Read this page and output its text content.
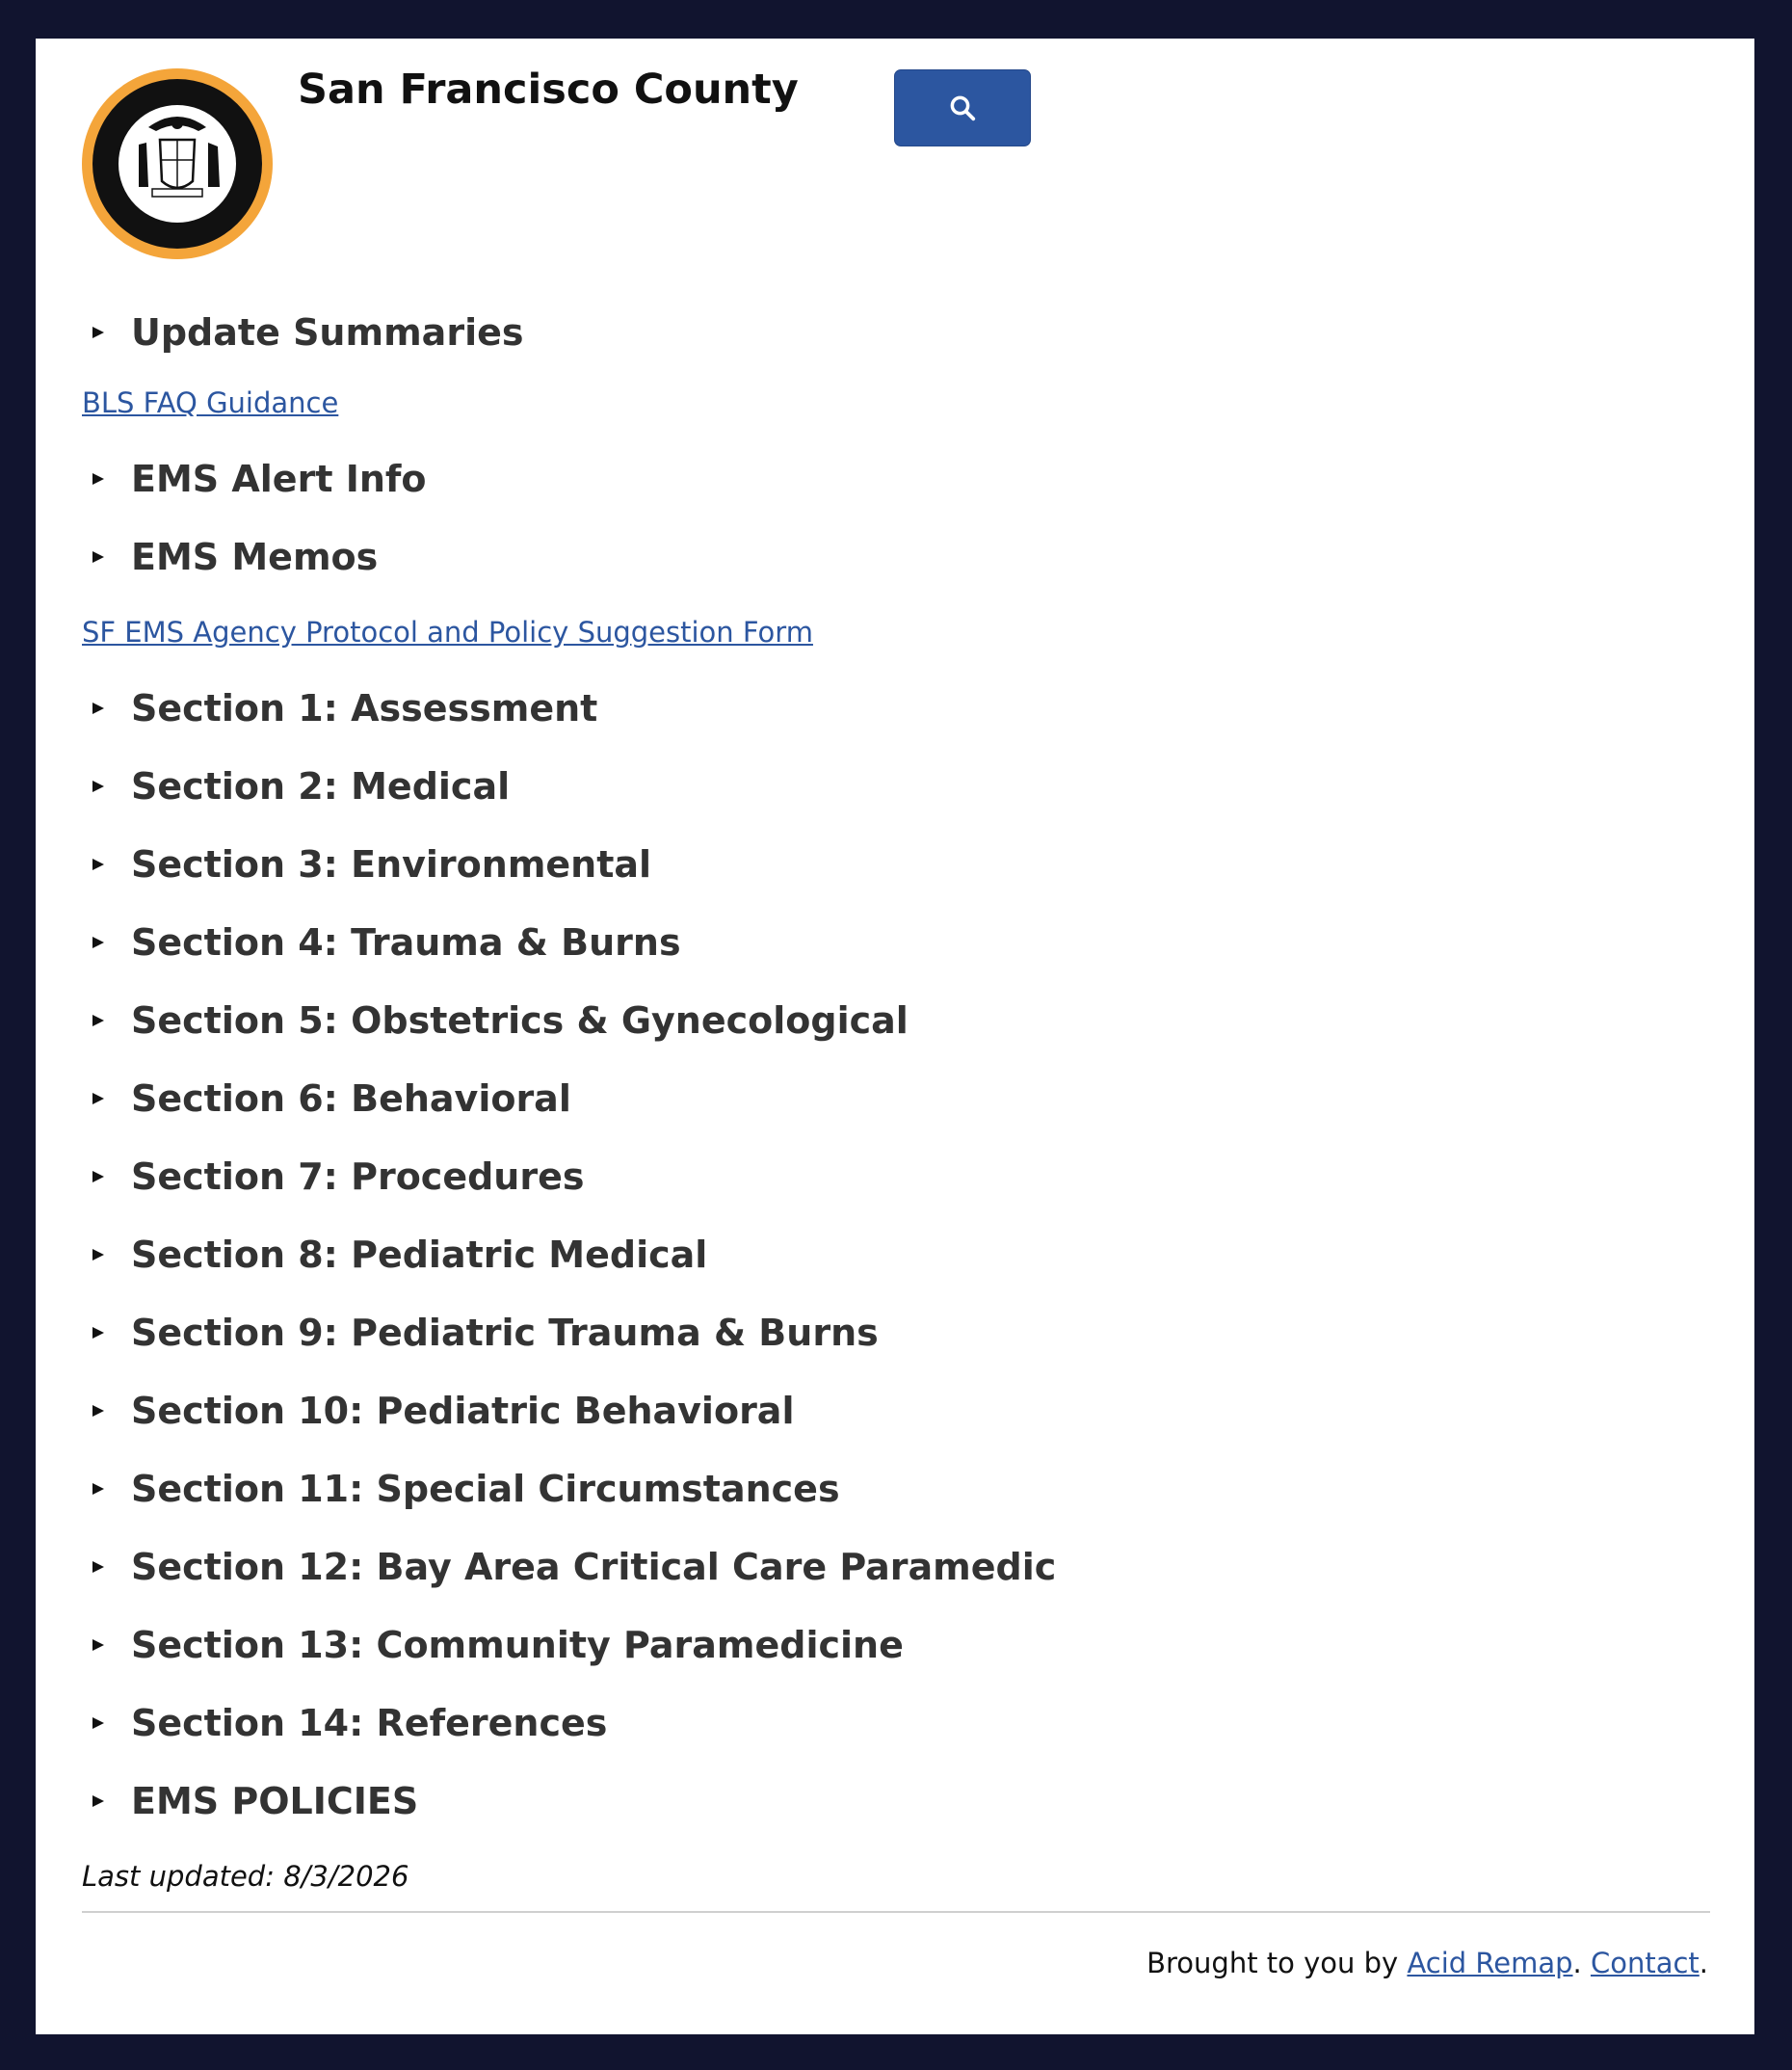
San Francisco County
Update Summaries
BLS FAQ Guidance
EMS Alert Info
EMS Memos
SF EMS Agency Protocol and Policy Suggestion Form
Section 1: Assessment
Section 2: Medical
Section 3: Environmental
Section 4: Trauma & Burns
Section 5: Obstetrics & Gynecological
Section 6: Behavioral
Section 7: Procedures
Section 8: Pediatric Medical
Section 9: Pediatric Trauma & Burns
Section 10: Pediatric Behavioral
Section 11: Special Circumstances
Section 12: Bay Area Critical Care Paramedic
Section 13: Community Paramedicine
Section 14: References
EMS POLICIES
Last updated: 8/3/2026
Brought to you by Acid Remap. Contact.
